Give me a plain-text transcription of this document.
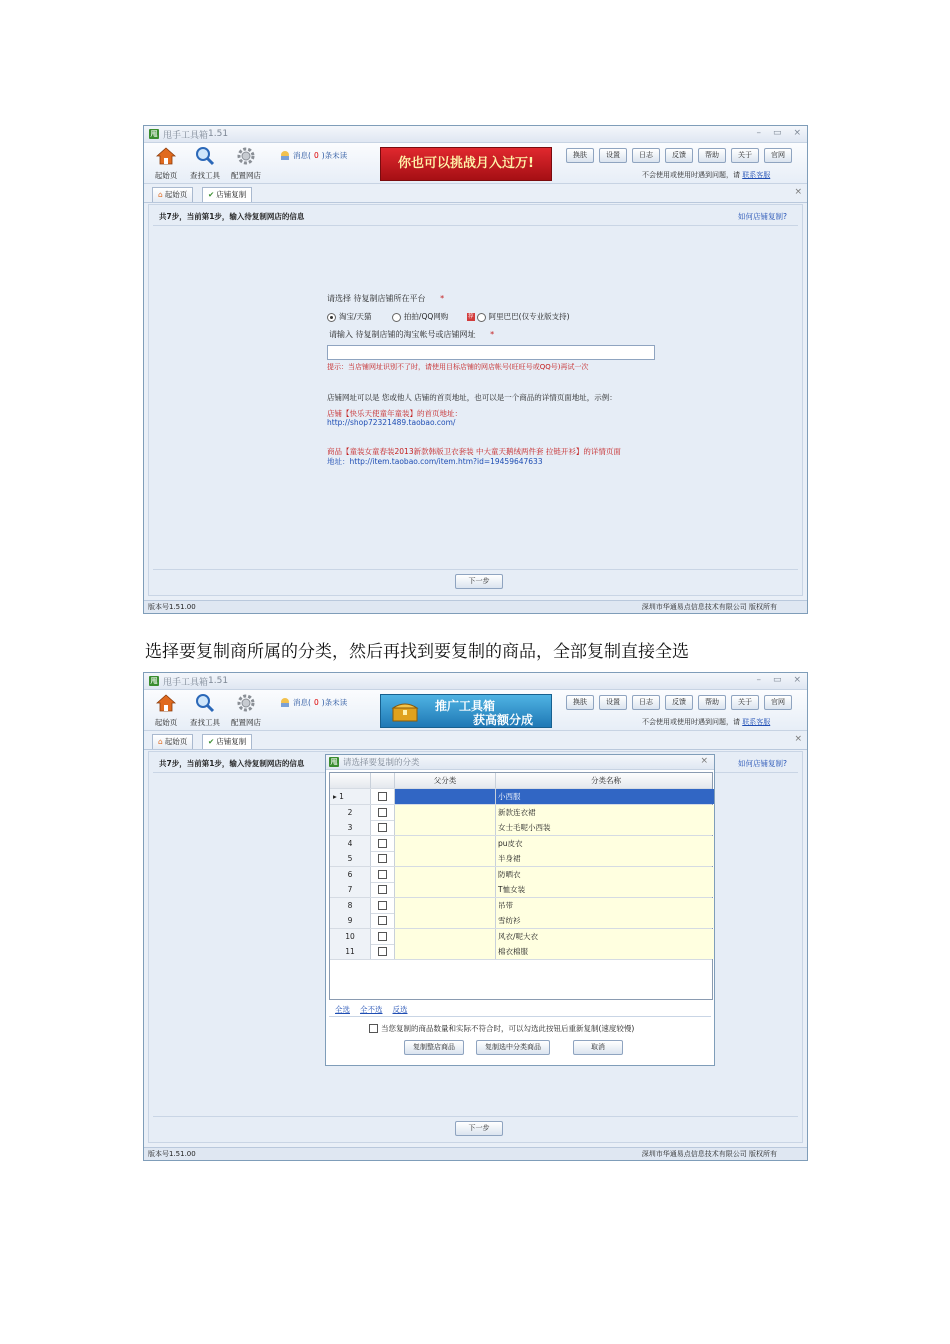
甩 甩手工具箱 1.51	– ▭ ×
起始页	查找工具 配置网店
消息( 0 )条未读
你也可以挑战月入过万!
换肤	设置	日志	反馈	帮助	关于	官网
不会使用或使用时遇到问题，请 联系客服
⌂ 起始页	✔ 店铺复制	×
共7步，当前第1步，输入待复制网店的信息	如何店铺复制?
请选择 待复制店铺所在平台 *
淘宝/天猫	拍拍/QQ网购	荐 阿里巴巴(仅专业版支持)
请输入 待复制店铺的淘宝帐号或店铺网址 *
提示：当店铺网址识别不了时，请使用目标店铺的网店帐号(旺旺号或QQ号)再试一次
店铺网址可以是 您或他人 店铺的首页地址，也可以是一个商品的详情页面地址，示例：
店铺【快乐天使童年童装】的首页地址：
http://shop72321489.taobao.com/
商品【童装女童春装2013新款韩版卫衣套装 中大童天鹅绒两件套 拉链开衫】的详情页面
地址：http://item.taobao.com/item.htm?id=19459647633
下一步
版本号1.51.00	深圳市华通易点信息技术有限公司 版权所有
选择要复制商所属的分类，然后再找到要复制的商品，全部复制直接全选
甩 甩手工具箱 1.51	– ▭ ×
起始页	查找工具 配置网店
消息( 0 )条未读	推广工具箱
获高额分成
换肤	设置	日志	反馈	帮助	关于	官网
不会使用或使用时遇到问题，请 联系客服
⌂ 起始页	✔ 店铺复制	×
共7步，当前第1步，输入待复制网店的信息	如何店铺复制?
甩 请选择要复制的分类	×
父分类	分类名称
▸ 1	小西服
2	新款连衣裙
3	女士毛呢小西装
4	pu皮衣
5	半身裙
6	防晒衣
7	T恤女装
8	吊带
9	雪纺衫
10	风衣/呢大衣
11	棉衣棉服
全选 全不选 反选
当您复制的商品数量和实际不符合时，可以勾选此按钮后重新复制(速度较慢)
复制整店商品	复制选中分类商品	取消
下一步
版本号1.51.00	深圳市华通易点信息技术有限公司 版权所有
